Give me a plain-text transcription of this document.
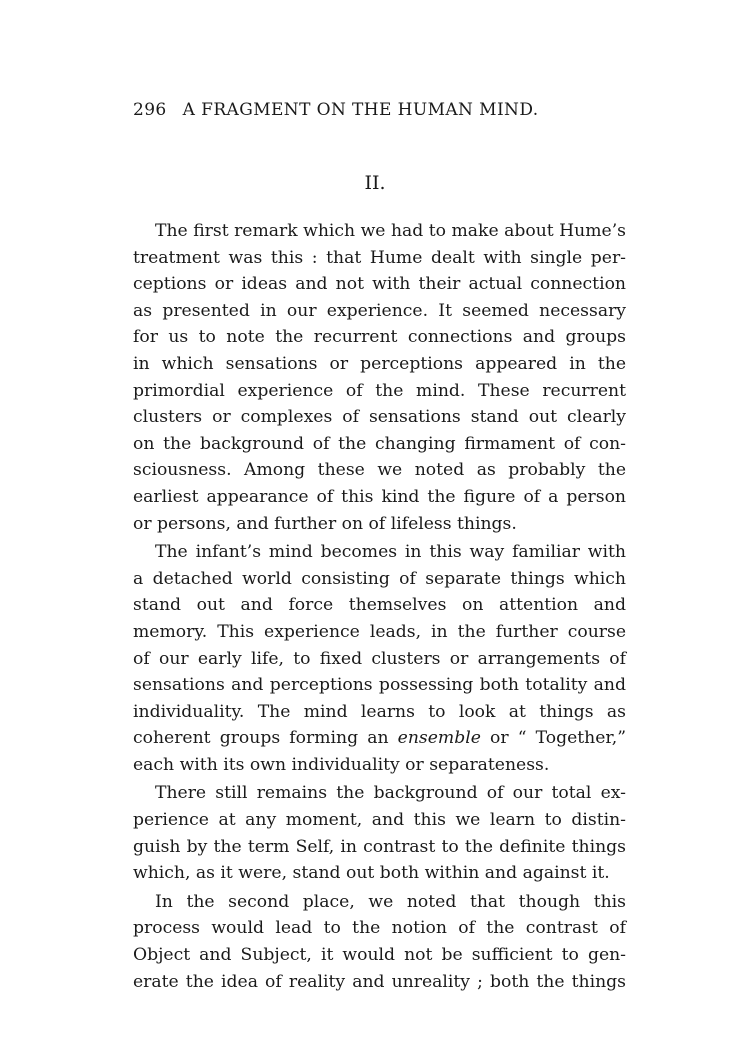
296 A FRAGMENT ON THE HUMAN MIND.
II.
The first remark which we had to make about Hume’s
treatment was this : that Hume dealt with single per-
ceptions or ideas and not with their actual connection
as presented in our experience. It seemed necessary
for us to note the recurrent connections and groups
in which sensations or perceptions appeared in the
primordial experience of the mind. These recurrent
clusters or complexes of sensations stand out clearly
on the background of the changing firmament of con-
sciousness. Among these we noted as probably the
earliest appearance of this kind the figure of a person
or persons, and further on of lifeless things.
The infant’s mind becomes in this way familiar with
a detached world consisting of separate things which
stand out and force themselves on attention and
memory. This experience leads, in the further course
of our early life, to fixed clusters or arrangements of
sensations and perceptions possessing both totality and
individuality. The mind learns to look at things as
coherent groups forming an ensemble or “ Together,”
each with its own individuality or separateness.
There still remains the background of our total ex-
perience at any moment, and this we learn to distin-
guish by the term Self, in contrast to the definite things
which, as it were, stand out both within and against it.
In the second place, we noted that though this
process would lead to the notion of the contrast of
Object and Subject, it would not be sufficient to gen-
erate the idea of reality and unreality ; both the things
